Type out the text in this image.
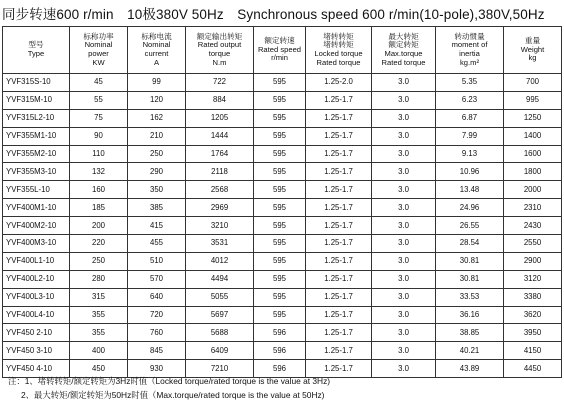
同步转速600 r/min　10极380V 50Hz　Synchronous speed 600 r/min(10-pole),380V,50Hz
型号
Type	标称功率
Nominal
power
KW	标称电流
Nominal
current
A	额定输出转矩
Rated output
torque
N.m	额定转速
Rated speed
r/min	堵转转矩
堵转转矩
Locked torque
Rated torque	最大转矩
额定转矩
Max.torque
Rated torque	转动惯量
moment of
inertia
kg.m²	重量
Weight
kg

YVF315S-10	45	99	722	595	1.25-2.0	3.0	5.35	700
YVF315M-10	55	120	884	595	1.25-1.7	3.0	6.23	995
YVF315L2-10	75	162	1205	595	1.25-1.7	3.0	6.87	1250
YVF355M1-10	90	210	1444	595	1.25-1.7	3.0	7.99	1400
YVF355M2-10	110	250	1764	595	1.25-1.7	3.0	9.13	1600
YVF355M3-10	132	290	2118	595	1.25-1.7	3.0	10.96	1800
YVF355L-10	160	350	2568	595	1.25-1.7	3.0	13.48	2000
YVF400M1-10	185	385	2969	595	1.25-1.7	3.0	24.96	2310
YVF400M2-10	200	415	3210	595	1.25-1.7	3.0	26.55	2430
YVF400M3-10	220	455	3531	595	1.25-1.7	3.0	28.54	2550
YVF400L1-10	250	510	4012	595	1.25-1.7	3.0	30.81	2900
YVF400L2-10	280	570	4494	595	1.25-1.7	3.0	30.81	3120
YVF400L3-10	315	640	5055	595	1.25-1.7	3.0	33.53	3380
YVF400L4-10	355	720	5697	595	1.25-1.7	3.0	36.16	3620
YVF450 2-10	355	760	5688	596	1.25-1.7	3.0	38.85	3950
YVF450 3-10	400	845	6409	596	1.25-1.7	3.0	40.21	4150
YVF450 4-10	450	930	7210	596	1.25-1.7	3.0	43.89	4450
注：1、堵转转矩/额定转矩为3Hz时值（Locked torque/rated torque is the value at 3Hz)
2、最大转矩/额定转矩为50Hz时值（Max.torque/rated torque is the value at 50Hz)
